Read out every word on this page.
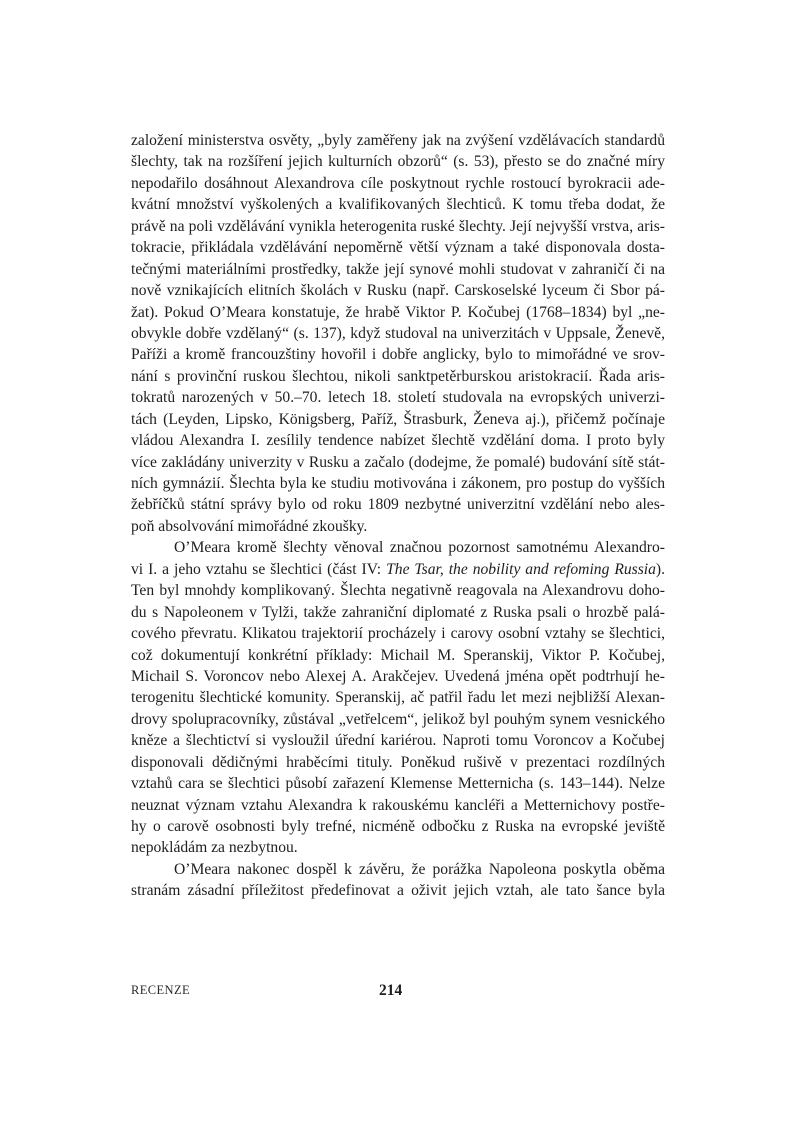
založení ministerstva osvěty, „byly zaměřeny jak na zvýšení vzdělávacích standardů
šlechty, tak na rozšíření jejich kulturních obzorů“ (s. 53), přesto se do značné míry
nepodařilo dosáhnout Alexandrova cíle poskytnout rychle rostoucí byrokracii ade-
kvátní množství vyškolených a kvalifikovaných šlechticů. K tomu třeba dodat, že
právě na poli vzdělávání vynikla heterogenita ruské šlechty. Její nejvyšší vrstva, aris-
tokracie, přikládala vzdělávání nepoměrně větší význam a také disponovala dosta-
tečnými materiálními prostředky, takže její synové mohli studovat v zahraničí či na
nově vznikajících elitních školách v Rusku (např. Carskoselské lyceum či Sbor pá-
žat). Pokud O’Meara konstatuje, že hrabě Viktor P. Kočubej (1768–1834) byl „ne-
obvykle dobře vzdělaný“ (s. 137), když studoval na univerzitách v Uppsale, Ženevě,
Paříži a kromě francouzštiny hovořil i dobře anglicky, bylo to mimořádné ve srov-
nání s provinční ruskou šlechtou, nikoli sanktpetěrburskou aristokracií. Řada aris-
tokratů narozených v 50.–70. letech 18. století studovala na evropských univerzi-
tách (Leyden, Lipsko, Königsberg, Paříž, Štrasburk, Ženeva aj.), přičemž počínaje
vládou Alexandra I. zesílily tendence nabízet šlechtě vzdělání doma. I proto byly
více zakládány univerzity v Rusku a začalo (dodejme, že pomalé) budování sítě stát-
ních gymnázií. Šlechta byla ke studiu motivována i zákonem, pro postup do vyšších
žebříčků státní správy bylo od roku 1809 nezbytné univerzitní vzdělání nebo ales-
poň absolvování mimořádné zkoušky.
O’Meara kromě šlechty věnoval značnou pozornost samotnému Alexandro-
vi I. a jeho vztahu se šlechtici (část IV: The Tsar, the nobility and refoming Russia).
Ten byl mnohdy komplikovaný. Šlechta negativně reagovala na Alexandrovu doho-
du s Napoleonem v Tylži, takže zahraniční diplomaté z Ruska psali o hrozbě palá-
cového převratu. Klikatou trajektorií procházely i carovy osobní vztahy se šlechtici,
což dokumentují konkrétní příklady: Michail M. Speranskij, Viktor P. Kočubej,
Michail S. Voroncov nebo Alexej A. Arakčejev. Uvedená jména opět podtrhují he-
terogenitu šlechtické komunity. Speranskij, ač patřil řadu let mezi nejbližší Alexan-
drovy spolupracovníky, zůstával „vetřelcem“, jelikož byl pouhým synem vesnického
kněze a šlechtictví si vysloužil úřední kariérou. Naproti tomu Voroncov a Kočubej
disponovali dědičnými hraběcími tituly. Poněkud rušivě v prezentaci rozdílných
vztahů cara se šlechtici působí zařazení Klemense Metternicha (s. 143–144). Nelze
neuznat význam vztahu Alexandra k rakouskému kancléři a Metternichovy postře-
hy o carově osobnosti byly trefné, nicméně odbočku z Ruska na evropské jeviště
nepokládám za nezbytnou.
O’Meara nakonec dospěl k závěru, že porážka Napoleona poskytla oběma
stranám zásadní příležitost předefinovat a oživit jejich vztah, ale tato šance byla
RECENZE	214
